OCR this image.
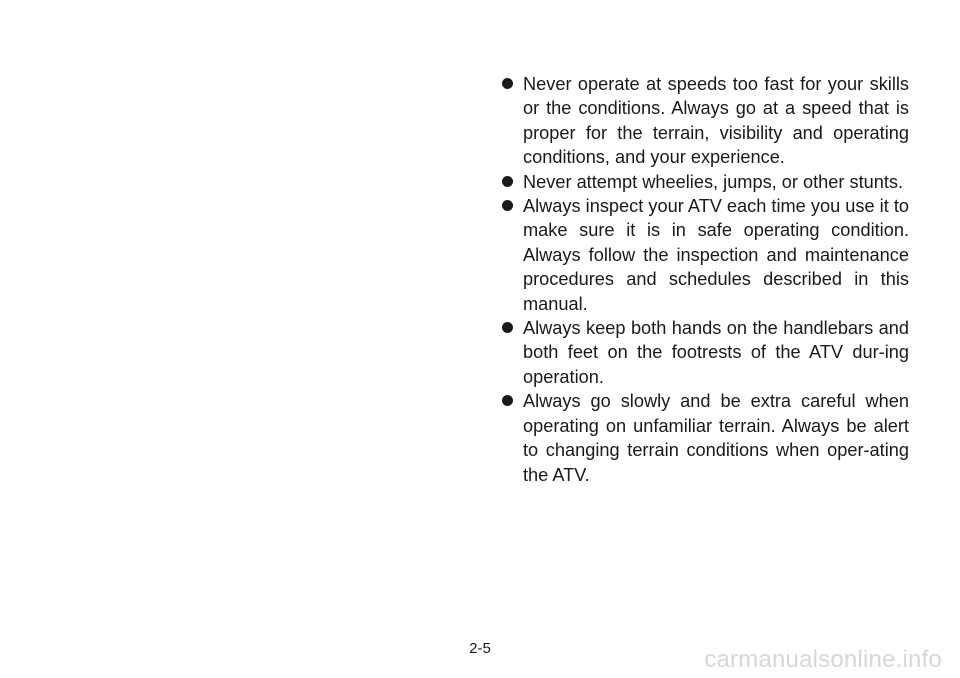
Never operate at speeds too fast for your skills or the conditions. Always go at a speed that is proper for the terrain, visibility and operating conditions, and your experience.
Never attempt wheelies, jumps, or other stunts.
Always inspect your ATV each time you use it to make sure it is in safe operating condition. Always follow the inspection and maintenance procedures and schedules described in this manual.
Always keep both hands on the handlebars and both feet on the footrests of the ATV dur-ing operation.
Always go slowly and be extra careful when operating on unfamiliar terrain. Always be alert to changing terrain conditions when oper-ating the ATV.
2-5	carmanualsonline.info
